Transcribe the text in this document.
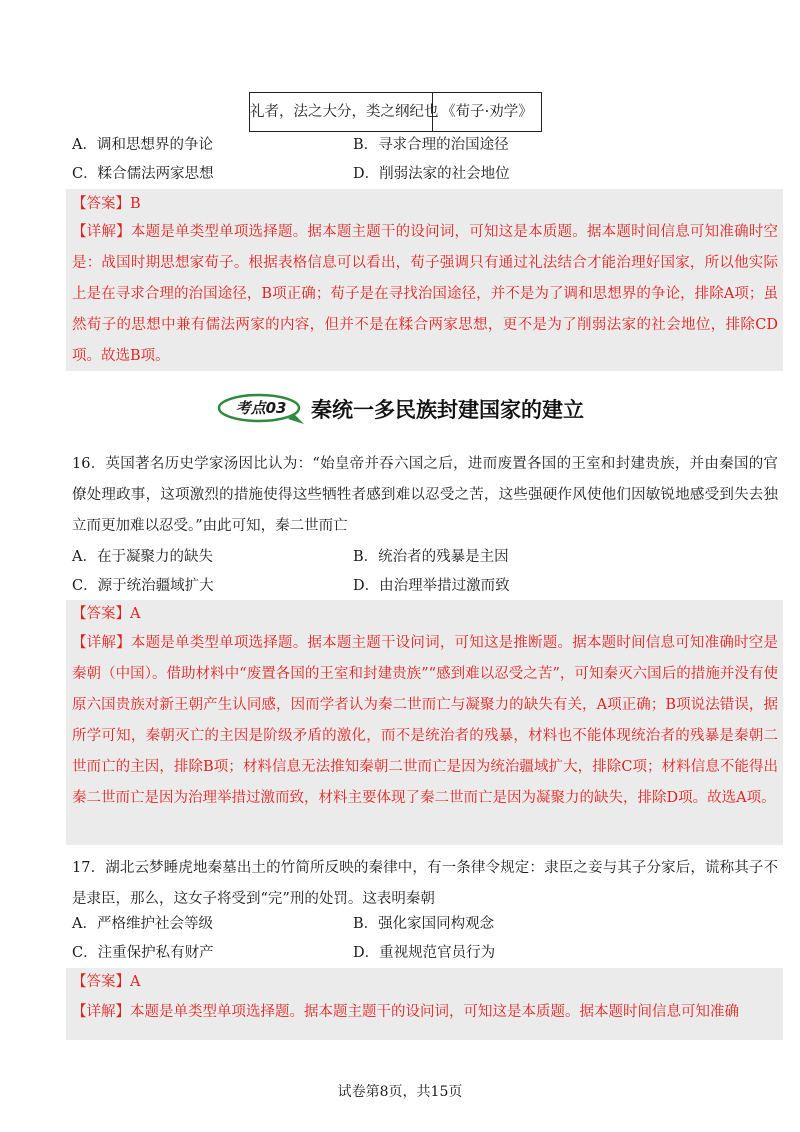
礼者，法之大分，类之纲纪也 《荀子·劝学》
A．调和思想界的争论	B．寻求合理的治国途径
C．糅合儒法两家思想	D．削弱法家的社会地位
【答案】B
【详解】本题是单类型单项选择题。据本题主题干的设问词，可知这是本质题。据本题时间信息可知准确时空是：战国时期思想家荀子。根据表格信息可以看出，荀子强调只有通过礼法结合才能治理好国家，所以他实际上是在寻求合理的治国途径，B项正确；荀子是在寻找治国途径，并不是为了调和思想界的争论，排除A项；虽然荀子的思想中兼有儒法两家的内容，但并不是在糅合两家思想，更不是为了削弱法家的社会地位，排除CD项。故选B项。
考点03	秦统一多民族封建国家的建立
16．英国著名历史学家汤因比认为：“始皇帝并吞六国之后，进而废置各国的王室和封建贵族，并由秦国的官僚处理政事，这项激烈的措施使得这些牺牲者感到难以忍受之苦，这些强硬作风使他们因敏锐地感受到失去独立而更加难以忍受。”由此可知，秦二世而亡
A．在于凝聚力的缺失	B．统治者的残暴是主因
C．源于统治疆域扩大	D．由治理举措过激而致
【答案】A
【详解】本题是单类型单项选择题。据本题主题干设问词，可知这是推断题。据本题时间信息可知准确时空是秦朝（中国）。借助材料中“废置各国的王室和封建贵族”“感到难以忍受之苦”，可知秦灭六国后的措施并没有使原六国贵族对新王朝产生认同感，因而学者认为秦二世而亡与凝聚力的缺失有关，A项正确；B项说法错误，据所学可知，秦朝灭亡的主因是阶级矛盾的激化，而不是统治者的残暴，材料也不能体现统治者的残暴是秦朝二世而亡的主因，排除B项；材料信息无法推知秦朝二世而亡是因为统治疆域扩大，排除C项；材料信息不能得出秦二世而亡是因为治理举措过激而致，材料主要体现了秦二世而亡是因为凝聚力的缺失，排除D项。故选A项。
17．湖北云梦睡虎地秦墓出土的竹简所反映的秦律中，有一条律令规定：隶臣之妾与其子分家后，谎称其子不是隶臣，那么，这女子将受到“完”刑的处罚。这表明秦朝
A．严格维护社会等级	B．强化家国同构观念
C．注重保护私有财产	D．重视规范官员行为
【答案】A
【详解】本题是单类型单项选择题。据本题主题干的设问词，可知这是本质题。据本题时间信息可知准确
试卷第8页，共15页
